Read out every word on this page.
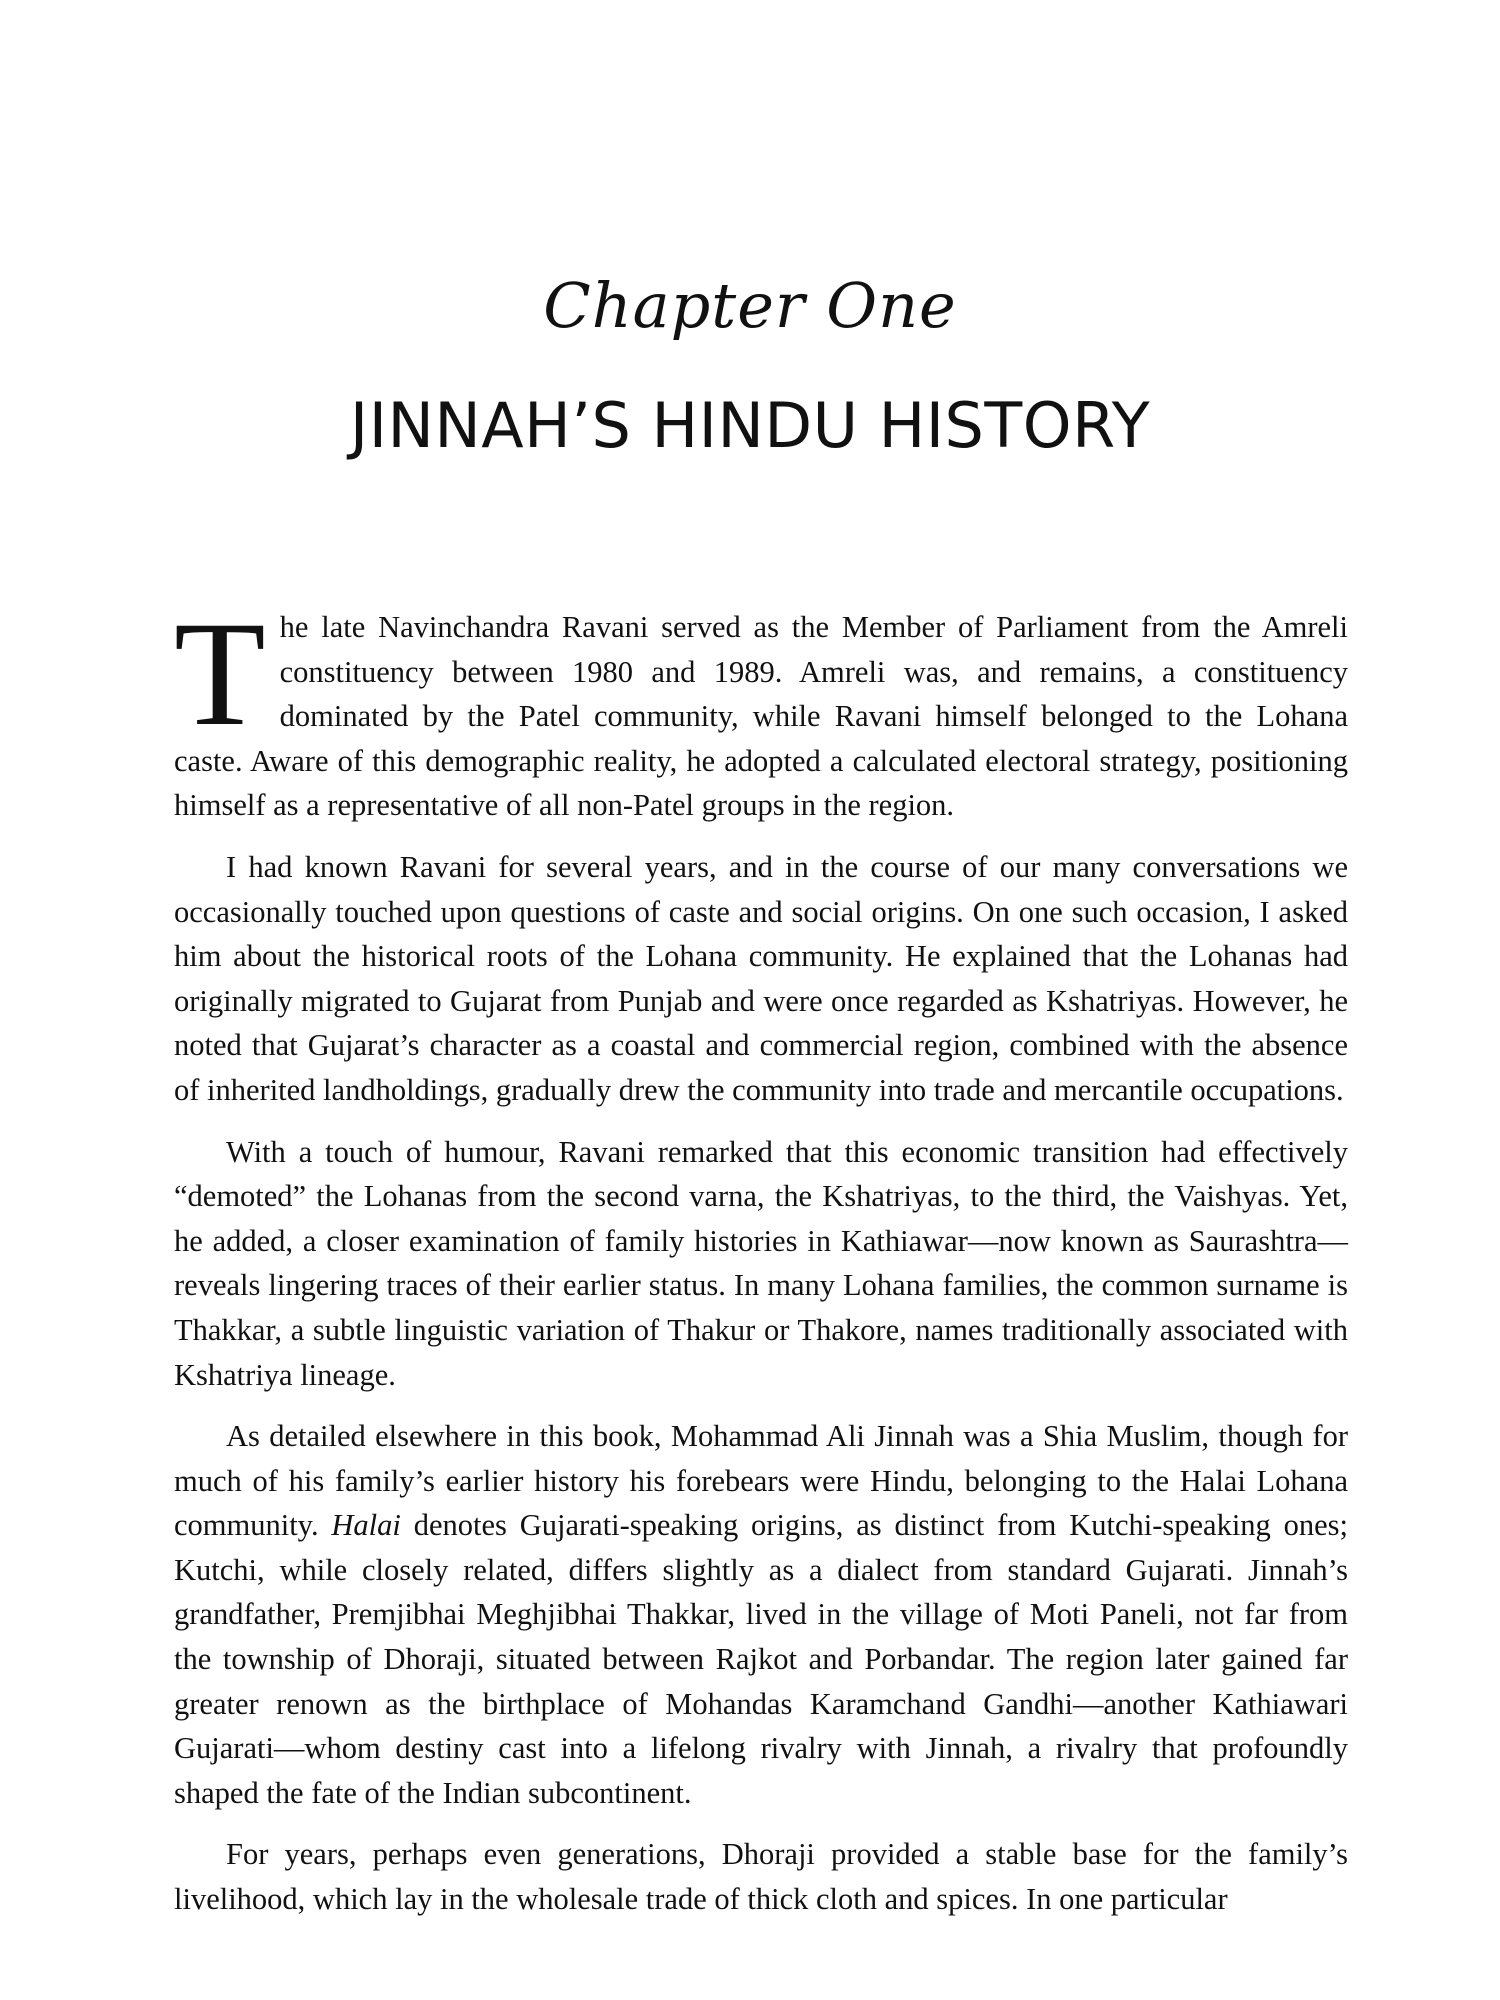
Chapter One
JINNAH’S HINDU HISTORY

The late Navinchandra Ravani served as the Member of Parliament from the Amreli constituency between 1980 and 1989. Amreli was, and remains, a constituency dominated by the Patel community, while Ravani himself belonged to the Lohana caste. Aware of this demographic reality, he adopted a calculated electoral strategy, positioning himself as a representative of all non-Patel groups in the region.

I had known Ravani for several years, and in the course of our many conversations we occasionally touched upon questions of caste and social origins. On one such occasion, I asked him about the historical roots of the Lohana community. He explained that the Lohanas had originally migrated to Gujarat from Punjab and were once regarded as Kshatriyas. However, he noted that Gujarat’s character as a coastal and commercial region, combined with the absence of inherited landholdings, gradually drew the community into trade and mercantile occupations.

With a touch of humour, Ravani remarked that this economic transition had effectively “demoted” the Lohanas from the second varna, the Kshatriyas, to the third, the Vaishyas. Yet, he added, a closer examination of family histories in Kathiawar—now known as Saurashtra—reveals lingering traces of their earlier status. In many Lohana families, the common surname is Thakkar, a subtle linguistic variation of Thakur or Thakore, names traditionally associated with Kshatriya lineage.

As detailed elsewhere in this book, Mohammad Ali Jinnah was a Shia Muslim, though for much of his family’s earlier history his forebears were Hindu, belonging to the Halai Lohana community. Halai denotes Gujarati-speaking origins, as distinct from Kutchi-speaking ones; Kutchi, while closely related, differs slightly as a dialect from standard Gujarati. Jinnah’s grandfather, Premjibhai Meghjibhai Thakkar, lived in the village of Moti Paneli, not far from the township of Dhoraji, situated between Rajkot and Porbandar. The region later gained far greater renown as the birthplace of Mohandas Karamchand Gandhi—another Kathiawari Gujarati—whom destiny cast into a lifelong rivalry with Jinnah, a rivalry that profoundly shaped the fate of the Indian subcontinent.

For years, perhaps even generations, Dhoraji provided a stable base for the family’s livelihood, which lay in the wholesale trade of thick cloth and spices. In one particular
